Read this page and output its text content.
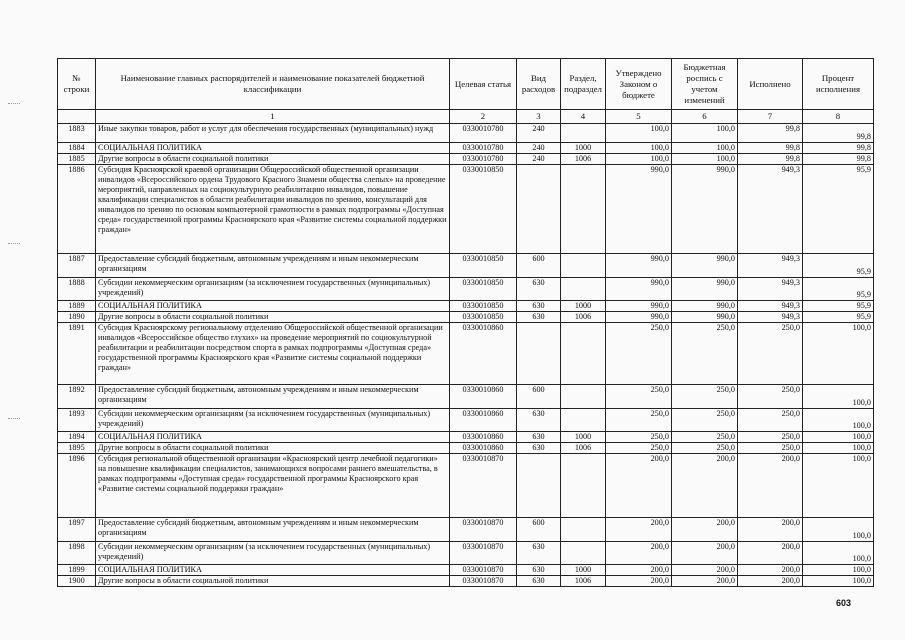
№ строки	Наименование главных распорядителей и наименование показателей бюджетной классификации	Целевая статья	Вид расходов	Раздел, подраздел	Утверждено Законом о бюджете	Бюджетная роспись с учетом изменений	Исполнено	Процент исполнения
	1	2	3	4	5	6	7	8
1883	Иные закупки товаров, работ и услуг для обеспечения государственных (муниципальных) нужд	0330010780	240		100,0	100,0	99,8	99,8
1884	СОЦИАЛЬНАЯ ПОЛИТИКА	0330010780	240	1000	100,0	100,0	99,8	99,8
1885	Другие вопросы в области социальной политики	0330010780	240	1006	100,0	100,0	99,8	99,8
1886	Субсидия Красноярской краевой организации Общероссийской общественной организации инвалидов «Всероссийского ордена Трудового Красного Знамени общества слепых» на проведение мероприятий, направленных на социокультурную реабилитацию инвалидов, повышение квалификации специалистов в области реабилитации инвалидов по зрению, консультаций для инвалидов по зрению по основам компьютерной грамотности в рамках подпрограммы «Доступная среда» государственной программы Красноярского края «Развитие системы социальной поддержки граждан»	0330010850			990,0	990,0	949,3	95,9
1887	Предоставление субсидий бюджетным, автономным учреждениям и иным некоммерческим организациям	0330010850	600		990,0	990,0	949,3	95,9
1888	Субсидии некоммерческим организациям (за исключением государственных (муниципальных) учреждений)	0330010850	630		990,0	990,0	949,3	95,9
1889	СОЦИАЛЬНАЯ ПОЛИТИКА	0330010850	630	1000	990,0	990,0	949,3	95,9
1890	Другие вопросы в области социальной политики	0330010850	630	1006	990,0	990,0	949,3	95,9
1891	Субсидия Красноярскому региональному отделению Общероссийской общественной организации инвалидов «Всероссийское общество глухих» на проведение мероприятий по социокультурной реабилитации и реабилитации посредством спорта в рамках подпрограммы «Доступная среда» государственной программы Красноярского края «Развитие системы социальной поддержки граждан»	0330010860			250,0	250,0	250,0	100,0
1892	Предоставление субсидий бюджетным, автономным учреждениям и иным некоммерческим организациям	0330010860	600		250,0	250,0	250,0	100,0
1893	Субсидии некоммерческим организациям (за исключением государственных (муниципальных) учреждений)	0330010860	630		250,0	250,0	250,0	100,0
1894	СОЦИАЛЬНАЯ ПОЛИТИКА	0330010860	630	1000	250,0	250,0	250,0	100,0
1895	Другие вопросы в области социальной политики	0330010860	630	1006	250,0	250,0	250,0	100,0
1896	Субсидия региональной общественной организации «Красноярский центр лечебной педагогики» на повышение квалификации специалистов, занимающихся вопросами раннего вмешательства, в рамках подпрограммы «Доступная среда» государственной программы Красноярского края «Развитие системы социальной поддержки граждан»	0330010870			200,0	200,0	200,0	100,0
1897	Предоставление субсидий бюджетным, автономным учреждениям и иным некоммерческим организациям	0330010870	600		200,0	200,0	200,0	100,0
1898	Субсидии некоммерческим организациям (за исключением государственных (муниципальных) учреждений)	0330010870	630		200,0	200,0	200,0	100,0
1899	СОЦИАЛЬНАЯ ПОЛИТИКА	0330010870	630	1000	200,0	200,0	200,0	100,0
1900	Другие вопросы в области социальной политики	0330010870	630	1006	200,0	200,0	200,0	100,0
603
